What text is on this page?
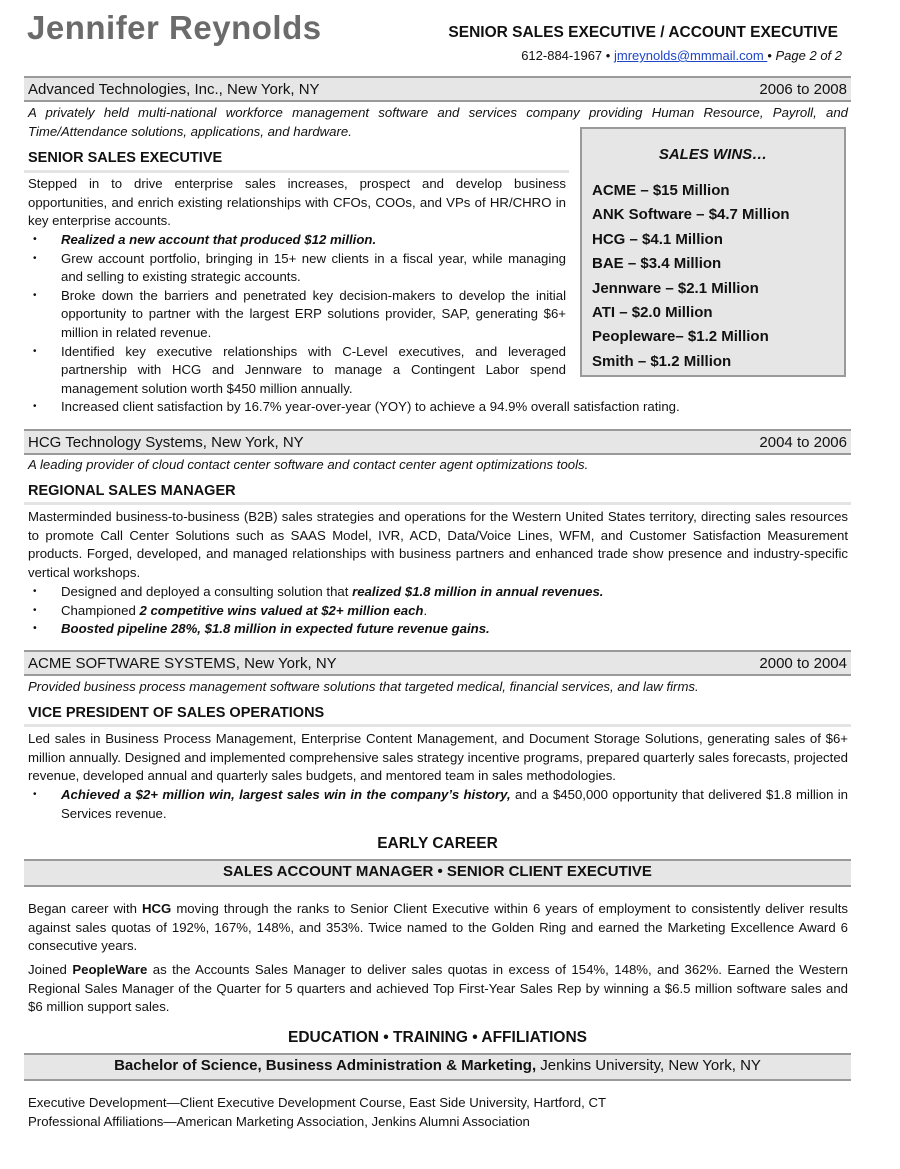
Jennifer Reynolds	SENIOR SALES EXECUTIVE / ACCOUNT EXECUTIVE
612-884-1967 • jmreynolds@mmmail.com • Page 2 of 2
Advanced Technologies, Inc., New York, NY	2006 to 2008
A privately held multi-national workforce management software and services company providing Human Resource, Payroll, and Time/Attendance solutions, applications, and hardware.
SENIOR SALES EXECUTIVE
Stepped in to drive enterprise sales increases, prospect and develop business opportunities, and enrich existing relationships with CFOs, COOs, and VPs of HR/CHRO in key enterprise accounts.
• Realized a new account that produced $12 million.
• Grew account portfolio, bringing in 15+ new clients in a fiscal year, while managing and selling to existing strategic accounts.
• Broke down the barriers and penetrated key decision-makers to develop the initial opportunity to partner with the largest ERP solutions provider, SAP, generating $6+ million in related revenue.
• Identified key executive relationships with C-Level executives, and leveraged partnership with HCG and Jennware to manage a Contingent Labor spend management solution worth $450 million annually.
• Increased client satisfaction by 16.7% year-over-year (YOY) to achieve a 94.9% overall satisfaction rating.
SALES WINS…
ACME – $15 Million
ANK Software – $4.7 Million
HCG – $4.1 Million
BAE – $3.4 Million
Jennware – $2.1 Million
ATI – $2.0 Million
Peopleware– $1.2 Million
Smith – $1.2 Million
HCG Technology Systems, New York, NY	2004 to 2006
A leading provider of cloud contact center software and contact center agent optimizations tools.
REGIONAL SALES MANAGER
Masterminded business-to-business (B2B) sales strategies and operations for the Western United States territory, directing sales resources to promote Call Center Solutions such as SAAS Model, IVR, ACD, Data/Voice Lines, WFM, and Customer Satisfaction Measurement products. Forged, developed, and managed relationships with business partners and enhanced trade show presence and industry-specific vertical workshops.
• Designed and deployed a consulting solution that realized $1.8 million in annual revenues.
• Championed 2 competitive wins valued at $2+ million each.
• Boosted pipeline 28%, $1.8 million in expected future revenue gains.
ACME SOFTWARE SYSTEMS, New York, NY	2000 to 2004
Provided business process management software solutions that targeted medical, financial services, and law firms.
VICE PRESIDENT OF SALES OPERATIONS
Led sales in Business Process Management, Enterprise Content Management, and Document Storage Solutions, generating sales of $6+ million annually. Designed and implemented comprehensive sales strategy incentive programs, prepared quarterly sales forecasts, projected revenue, developed annual and quarterly sales budgets, and mentored team in sales methodologies.
• Achieved a $2+ million win, largest sales win in the company’s history, and a $450,000 opportunity that delivered $1.8 million in Services revenue.
EARLY CAREER
SALES ACCOUNT MANAGER • SENIOR CLIENT EXECUTIVE
Began career with HCG moving through the ranks to Senior Client Executive within 6 years of employment to consistently deliver results against sales quotas of 192%, 167%, 148%, and 353%. Twice named to the Golden Ring and earned the Marketing Excellence Award 6 consecutive years.
Joined PeopleWare as the Accounts Sales Manager to deliver sales quotas in excess of 154%, 148%, and 362%. Earned the Western Regional Sales Manager of the Quarter for 5 quarters and achieved Top First-Year Sales Rep by winning a $6.5 million software sales and $6 million support sales.
EDUCATION • TRAINING • AFFILIATIONS
Bachelor of Science, Business Administration & Marketing, Jenkins University, New York, NY
Executive Development—Client Executive Development Course, East Side University, Hartford, CT
Professional Affiliations—American Marketing Association, Jenkins Alumni Association
